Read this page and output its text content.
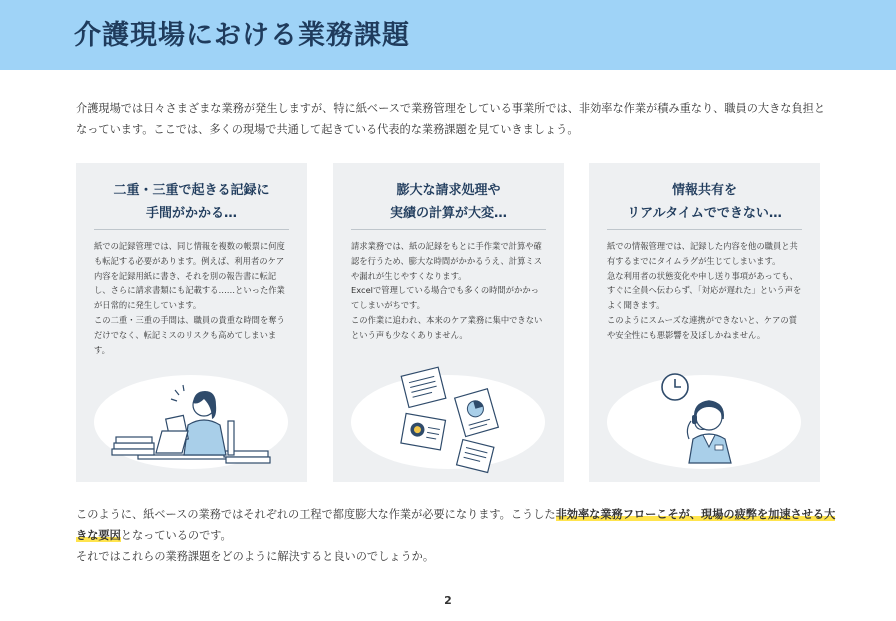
介護現場における業務課題

介護現場では日々さまざまな業務が発生しますが、特に紙ベースで業務管理をしている事業所では、非効率な作業が積み重なり、職員の大きな負担となっています。ここでは、多くの現場で共通して起きている代表的な業務課題を見ていきましょう。

二重・三重で起きる記録に
手間がかかる…

紙での記録管理では、同じ情報を複数の帳票に何度も転記する必要があります。例えば、利用者のケア内容を記録用紙に書き、それを別の報告書に転記し、さらに請求書類にも記載する……といった作業が日常的に発生しています。

この二重・三重の手間は、職員の貴重な時間を奪うだけでなく、転記ミスのリスクも高めてしまいます。

膨大な請求処理や
実績の計算が大変…

請求業務では、紙の記録をもとに手作業で計算や確認を行うため、膨大な時間がかかるうえ、計算ミスや漏れが生じやすくなります。

Excelで管理している場合でも多くの時間がかかってしまいがちです。

この作業に追われ、本来のケア業務に集中できないという声も少なくありません。

情報共有を
リアルタイムでできない…

紙での情報管理では、記録した内容を他の職員と共有するまでにタイムラグが生じてしまいます。

急な利用者の状態変化や申し送り事項があっても、すぐに全員へ伝わらず、「対応が遅れた」という声をよく聞きます。

このようにスムーズな連携ができないと、ケアの質や安全性にも悪影響を及ぼしかねません。

このように、紙ベースの業務ではそれぞれの工程で都度膨大な作業が必要になります。こうした非効率な業務フローこそが、現場の疲弊を加速させる大きな要因となっているのです。
それではこれらの業務課題をどのように解決すると良いのでしょうか。
2
